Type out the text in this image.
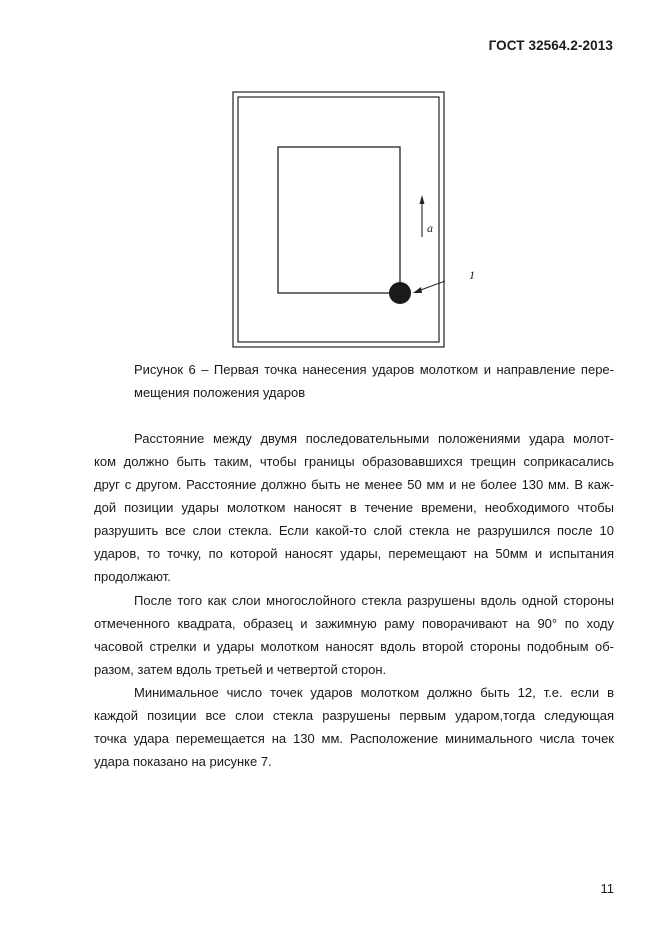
ГОСТ 32564.2-2013
a
1
Рисунок 6 – Первая точка нанесения ударов молотком и направление пере-
мещения положения ударов

Расстояние между двумя последовательными положениями удара молот-
ком должно быть таким, чтобы границы образовавшихся трещин соприкасались
друг с другом. Расстояние должно быть не менее 50 мм и не более 130 мм. В каж-
дой позиции удары молотком наносят в течение времени, необходимого чтобы
разрушить все слои стекла. Если какой-то слой стекла не разрушился после 10
ударов, то точку, по которой наносят удары, перемещают на 50мм и испытания
продолжают.

После того как слои многослойного стекла разрушены вдоль одной стороны
отмеченного квадрата, образец и зажимную раму поворачивают на 90° по ходу
часовой стрелки и удары молотком наносят вдоль второй стороны подобным об-
разом, затем вдоль третьей и четвертой сторон.

Минимальное число точек ударов молотком должно быть 12, т.е. если в
каждой позиции все слои стекла разрушены первым ударом,тогда следующая
точка удара перемещается на 130 мм. Расположение минимального числа точек
удара показано на рисунке 7.

11
